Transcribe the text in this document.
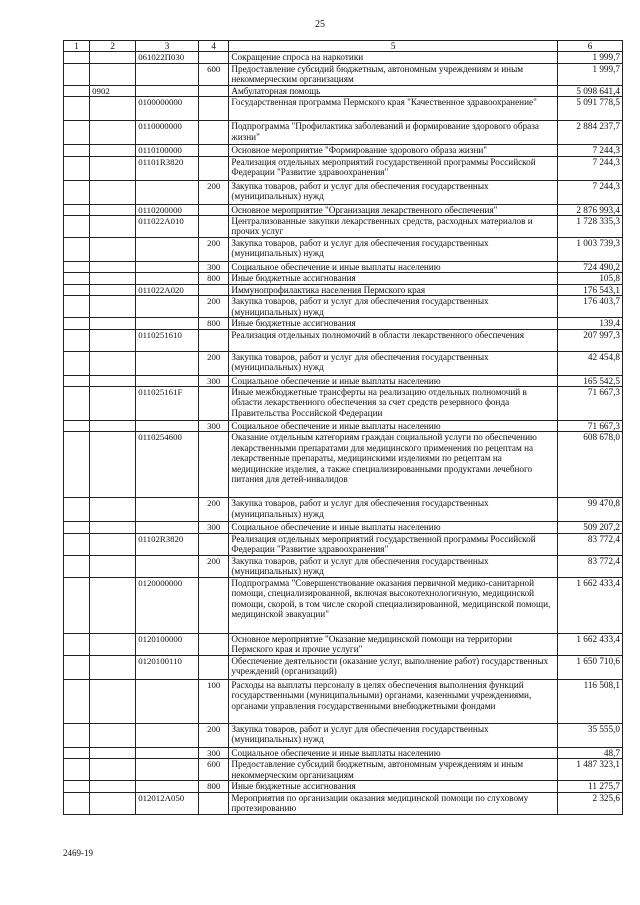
25
1	2	3	4	5	6
		061022П030		Сокращение спроса на наркотики	1 999,7
			600	Предоставление субсидий бюджетным, автономным учреждениям и иным некоммерческим организациям	1 999,7
	0902			Амбулаторная помощь	5 098 641,4
		0100000000		Государственная программа Пермского края "Качественное здравоохранение"	5 091 778,5
		0110000000		Подпрограмма "Профилактика заболеваний и формирование здорового образа жизни"	2 884 237,7
		0110100000		Основное мероприятие "Формирование здорового образа жизни"	7 244,3
		01101R3820		Реализация отдельных мероприятий государственной программы Российской Федерации "Развитие здравоохранения"	7 244,3
			200	Закупка товаров, работ и услуг для обеспечения государственных (муниципальных) нужд	7 244,3
		0110200000		Основное мероприятие "Организация лекарственного обеспечения"	2 876 993,4
		011022А010		Централизованные закупки лекарственных средств, расходных материалов и прочих услуг	1 728 335,3
			200	Закупка товаров, работ и услуг для обеспечения государственных (муниципальных) нужд	1 003 739,3
			300	Социальное обеспечение и иные выплаты населению	724 490,2
			800	Иные бюджетные ассигнования	105,8
		011022А020		Иммунопрофилактика населения Пермского края	176 543,1
			200	Закупка товаров, работ и услуг для обеспечения государственных (муниципальных) нужд	176 403,7
			800	Иные бюджетные ассигнования	139,4
		0110251610		Реализация отдельных полномочий в области лекарственного обеспечения	207 997,3
			200	Закупка товаров, работ и услуг для обеспечения государственных (муниципальных) нужд	42 454,8
			300	Социальное обеспечение и иные выплаты населению	165 542,5
		011025161F		Иные межбюджетные трансферты на реализацию отдельных полномочий в области лекарственного обеспечения за счет средств резервного фонда Правительства Российской Федерации	71 667,3
			300	Социальное обеспечение и иные выплаты населению	71 667,3
		0110254600		Оказание отдельным категориям граждан социальной услуги по обеспечению лекарственными препаратами для медицинского применения по рецептам на лекарственные препараты, медицинскими изделиями по рецептам на медицинские изделия, а также специализированными продуктами лечебного питания для детей-инвалидов	608 678,0
			200	Закупка товаров, работ и услуг для обеспечения государственных (муниципальных) нужд	99 470,8
			300	Социальное обеспечение и иные выплаты населению	509 207,2
		01102R3820		Реализация отдельных мероприятий государственной программы Российской Федерации "Развитие здравоохранения"	83 772,4
			200	Закупка товаров, работ и услуг для обеспечения государственных (муниципальных) нужд	83 772,4
		0120000000		Подпрограмма "Совершенствование оказания первичной медико-санитарной помощи, специализированной, включая высокотехнологичную, медицинской помощи, скорой, в том числе скорой специализированной, медицинской помощи, медицинской эвакуации"	1 662 433,4
		0120100000		Основное мероприятие "Оказание медицинской помощи на территории Пермского края и прочие услуги"	1 662 433,4
		0120100110		Обеспечение деятельности (оказание услуг, выполнение работ) государственных учреждений (организаций)	1 650 710,6
			100	Расходы на выплаты персоналу в целях обеспечения выполнения функций государственными (муниципальными) органами, казенными учреждениями, органами управления государственными внебюджетными фондами	116 508,1
			200	Закупка товаров, работ и услуг для обеспечения государственных (муниципальных) нужд	35 555,0
			300	Социальное обеспечение и иные выплаты населению	48,7
			600	Предоставление субсидий бюджетным, автономным учреждениям и иным некоммерческим организациям	1 487 323,1
			800	Иные бюджетные ассигнования	11 275,7
		012012А050		Мероприятия по организации оказания медицинской помощи по слуховому протезированию	2 325,6
2469-19
